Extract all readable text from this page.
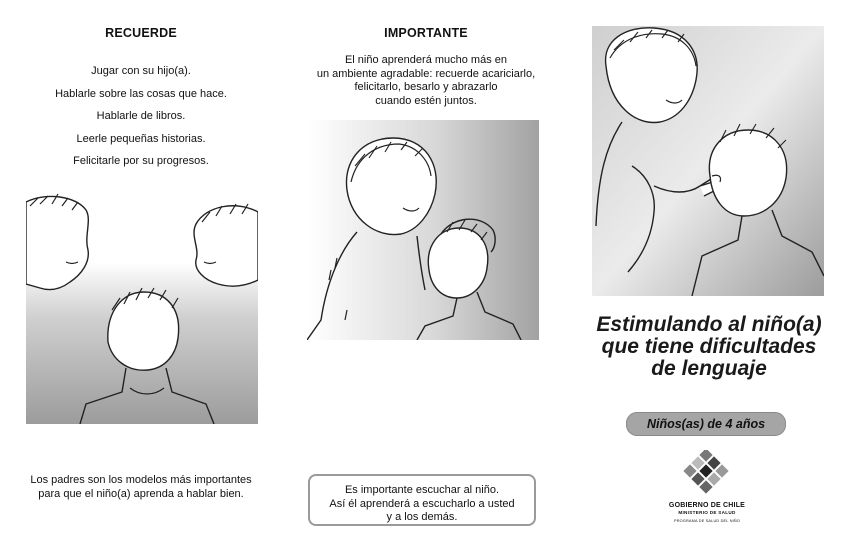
RECUERDE
Jugar con su hijo(a).
Hablarle sobre las cosas que hace.
Hablarle de libros.
Leerle pequeñas historias.
Felicitarle por su progresos.
Los padres son los modelos más importantes
para que el niño(a) aprenda a hablar bien.
IMPORTANTE
El niño aprenderá mucho más en
un ambiente agradable: recuerde acariciarlo,
felicitarlo, besarlo y abrazarlo
cuando estén juntos.
Es importante escuchar al niño.
Así él aprenderá a escucharlo a usted
y a los demás.
Estimulando al niño(a)
que tiene dificultades
de lenguaje
Niños(as) de 4 años
GOBIERNO DE CHILE
MINISTERIO DE SALUD
PROGRAMA DE SALUD DEL NIÑO
